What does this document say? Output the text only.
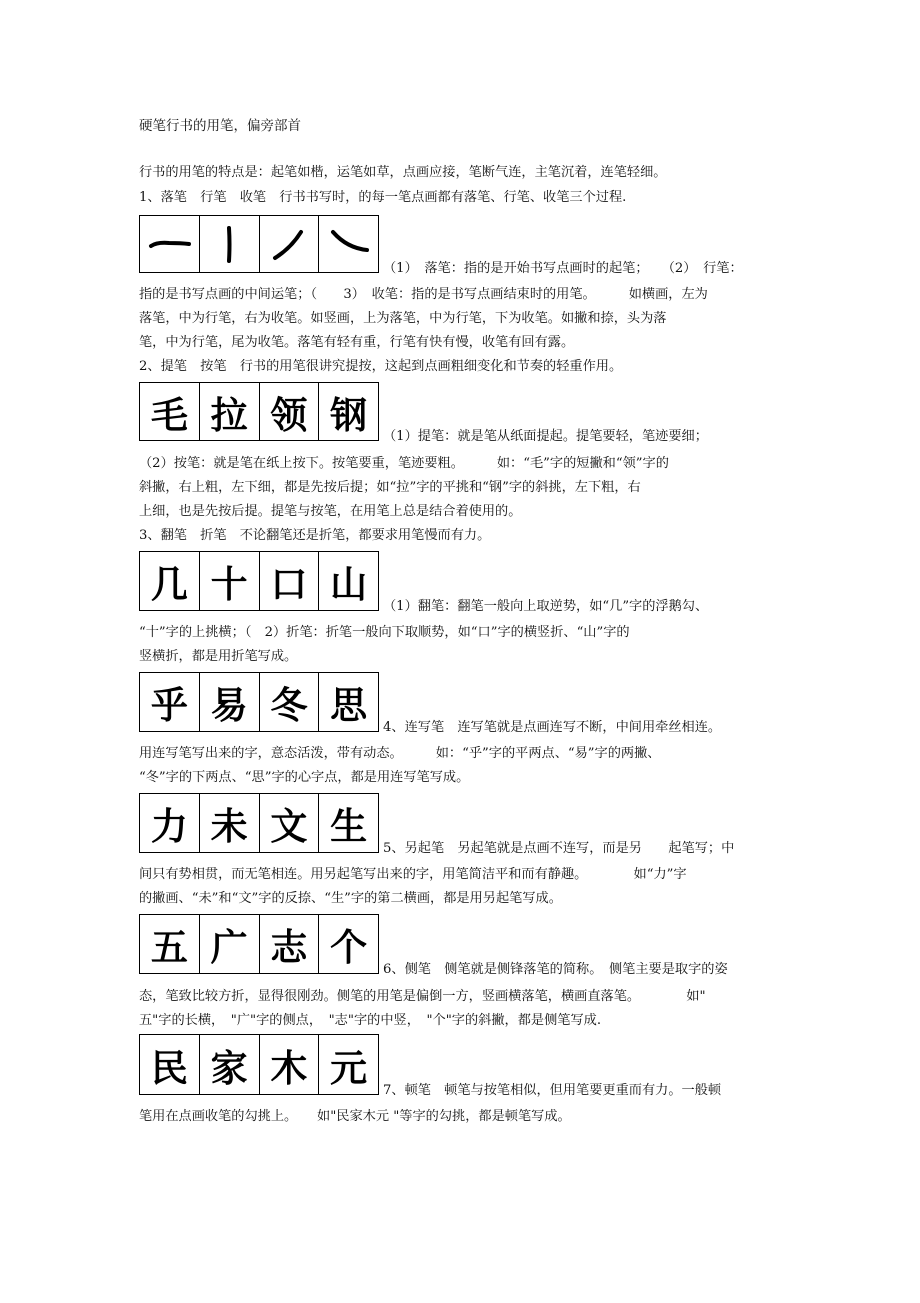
硬笔行书的用笔，偏旁部首
行书的用笔的特点是：起笔如楷，运笔如草，点画应接，笔断气连，主笔沉着，连笔轻细。
1、落笔　行笔　收笔　行书书写时，的每一笔点画都有落笔、行笔、收笔三个过程.
（1）　落笔：指的是开始书写点画时的起笔；　　（2）　行笔：
指的是书写点画的中间运笔；（　　3）　收笔：指的是书写点画结束时的用笔。　　　如横画，左为
落笔，中为行笔，右为收笔。如竖画，上为落笔，中为行笔，下为收笔。如撇和捺，头为落
笔，中为行笔，尾为收笔。落笔有轻有重，行笔有快有慢，收笔有回有露。
2、提笔　按笔　行书的用笔很讲究提按，这起到点画粗细变化和节奏的轻重作用。
毛 拉 领 钢	（1）提笔：就是笔从纸面提起。提笔要轻，笔迹要细；
（2）按笔：就是笔在纸上按下。按笔要重，笔迹要粗。　　　如：“毛”字的短撇和“领”字的
斜撇，右上粗，左下细，都是先按后提；如“拉”字的平挑和“钢”字的斜挑，左下粗，右
上细，也是先按后提。提笔与按笔，在用笔上总是结合着使用的。
3、翻笔　折笔　不论翻笔还是折笔，都要求用笔慢而有力。
几 十 口 山
（1）翻笔：翻笔一般向上取逆势，如“几”字的浮鹅勾、
“十”字的上挑横；（　2）折笔：折笔一般向下取顺势，如“口”字的横竖折、“山”字的
竖横折，都是用折笔写成。
乎 易 冬 思
4、连写笔　连写笔就是点画连写不断，中间用牵丝相连。
用连写笔写出来的字，意态活泼，带有动态。　　　如：“乎”字的平两点、“易”字的两撇、
“冬”字的下两点、“思”字的心字点，都是用连写笔写成。
力 未 文 生
5、另起笔　另起笔就是点画不连写，而是另　　起笔写；中
间只有势相贯，而无笔相连。用另起笔写出来的字，用笔简洁平和而有静趣。　　　　如“力”字
的撇画、“未”和“文”字的反捺、“生”字的第二横画，都是用另起笔写成。
五 广 志 个
6、侧笔　侧笔就是侧锋落笔的简称。　侧笔主要是取字的姿
态，笔致比较方折，显得很刚劲。侧笔的用笔是偏倒一方，竖画横落笔，横画直落笔。　　　　如"
五"字的长横，　"广"字的侧点，　"志"字的中竖，　"个"字的斜撇，都是侧笔写成.
民 家 木 元
7、顿笔　顿笔与按笔相似，但用笔要更重而有力。一般顿
笔用在点画收笔的勾挑上。　　如"民家木元 "等字的勾挑，都是顿笔写成。
